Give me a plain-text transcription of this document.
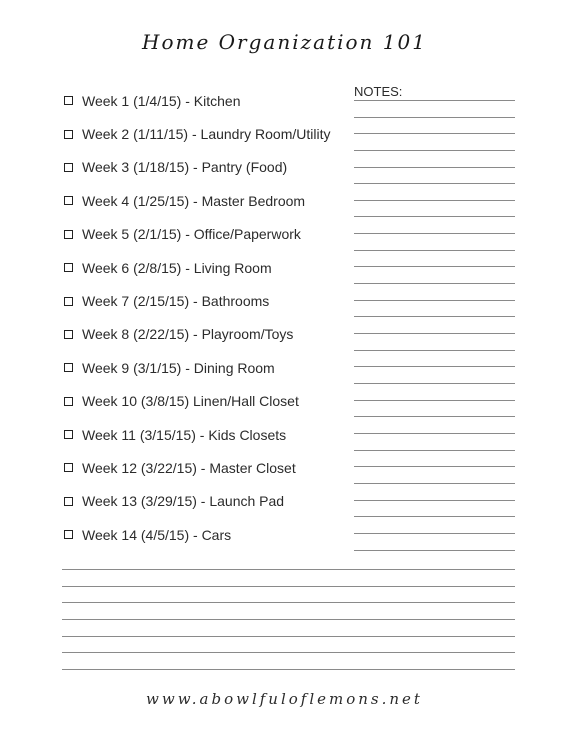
Home Organization 101
Week 1 (1/4/15) - Kitchen
Week 2 (1/11/15) - Laundry Room/Utility
Week 3 (1/18/15) - Pantry (Food)
Week 4 (1/25/15) - Master Bedroom
Week 5 (2/1/15) - Office/Paperwork
Week 6 (2/8/15) - Living Room
Week 7 (2/15/15) - Bathrooms
Week 8 (2/22/15) - Playroom/Toys
Week 9 (3/1/15) - Dining Room
Week 10 (3/8/15) Linen/Hall Closet
Week 11 (3/15/15) - Kids Closets
Week 12 (3/22/15) - Master Closet
Week 13 (3/29/15) - Launch Pad
Week 14 (4/5/15) - Cars
NOTES:
www.abowlfuloflemons.net
